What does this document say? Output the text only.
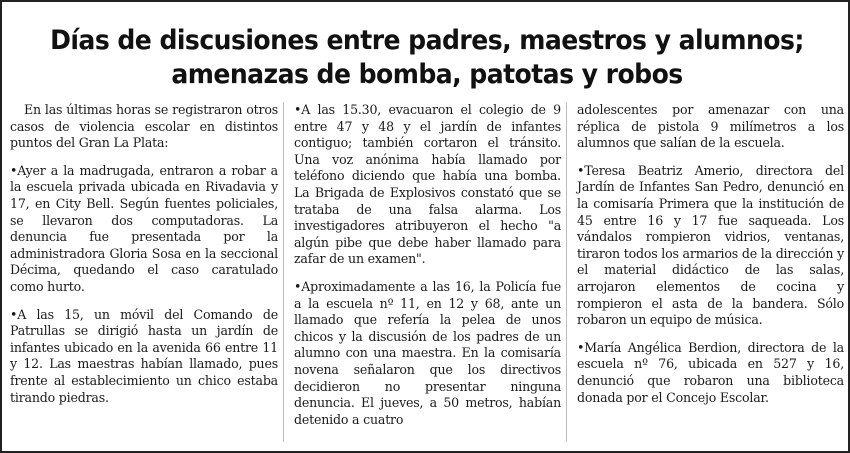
Días de discusiones entre padres, maestros y alumnos;
amenazas de bomba, patotas y robos

En las últimas horas se registraron otros casos de violencia escolar en distintos puntos del Gran La Plata:

• Ayer a la madrugada, entraron a robar a la escuela privada ubicada en Rivadavia y 17, en City Bell. Según fuentes policiales, se llevaron dos computadoras. La denuncia fue presentada por la administradora Gloria Sosa en la seccional Décima, quedando el caso caratulado como hurto.

• A las 15, un móvil del Comando de Patrullas se dirigió hasta un jardín de infantes ubicado en la avenida 66 entre 11 y 12. Las maestras habían llamado, pues frente al establecimiento un chico estaba tirando piedras.

• A las 15.30, evacuaron el colegio de 9 entre 47 y 48 y el jardín de infantes contiguo; también cortaron el tránsito. Una voz anónima había llamado por teléfono diciendo que había una bomba. La Brigada de Explosivos constató que se trataba de una falsa alarma. Los investigadores atribuyeron el hecho "a algún pibe que debe haber llamado para zafar de un examen".

• Aproximadamente a las 16, la Policía fue a la escuela nº 11, en 12 y 68, ante un llamado que refería la pelea de unos chicos y la discusión de los padres de un alumno con una maestra. En la comisaría novena señalaron que los directivos decidieron no presentar ninguna denuncia. El jueves, a 50 metros, habían detenido a cuatro

adolescentes por amenazar con una réplica de pistola 9 milímetros a los alumnos que salían de la escuela.

• Teresa Beatriz Amerio, directora del Jardín de Infantes San Pedro, denunció en la comisaría Primera que la institución de 45 entre 16 y 17 fue saqueada. Los vándalos rompieron vidrios, ventanas, tiraron todos los armarios de la dirección y el material didáctico de las salas, arrojaron elementos de cocina y rompieron el asta de la bandera. Sólo robaron un equipo de música.

• María Angélica Berdion, directora de la escuela nº 76, ubicada en 527 y 16, denunció que robaron una biblioteca donada por el Concejo Escolar.
